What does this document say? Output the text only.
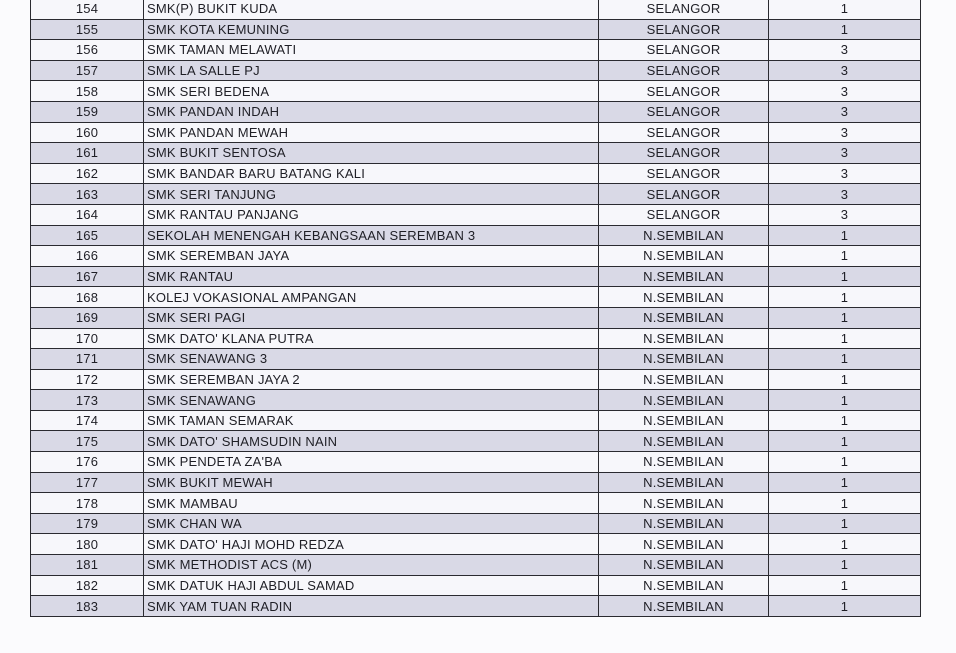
154	SMK(P) BUKIT KUDA	SELANGOR	1
155	SMK KOTA KEMUNING	SELANGOR	1
156	SMK TAMAN MELAWATI	SELANGOR	3
157	SMK LA SALLE PJ	SELANGOR	3
158	SMK SERI BEDENA	SELANGOR	3
159	SMK PANDAN INDAH	SELANGOR	3
160	SMK PANDAN MEWAH	SELANGOR	3
161	SMK BUKIT SENTOSA	SELANGOR	3
162	SMK BANDAR BARU BATANG KALI	SELANGOR	3
163	SMK SERI TANJUNG	SELANGOR	3
164	SMK RANTAU PANJANG	SELANGOR	3
165	SEKOLAH MENENGAH KEBANGSAAN SEREMBAN 3	N.SEMBILAN	1
166	SMK SEREMBAN JAYA	N.SEMBILAN	1
167	SMK RANTAU	N.SEMBILAN	1
168	KOLEJ VOKASIONAL AMPANGAN	N.SEMBILAN	1
169	SMK SERI PAGI	N.SEMBILAN	1
170	SMK DATO' KLANA PUTRA	N.SEMBILAN	1
171	SMK SENAWANG 3	N.SEMBILAN	1
172	SMK SEREMBAN JAYA 2	N.SEMBILAN	1
173	SMK SENAWANG	N.SEMBILAN	1
174	SMK TAMAN SEMARAK	N.SEMBILAN	1
175	SMK DATO' SHAMSUDIN NAIN	N.SEMBILAN	1
176	SMK PENDETA ZA'BA	N.SEMBILAN	1
177	SMK BUKIT MEWAH	N.SEMBILAN	1
178	SMK MAMBAU	N.SEMBILAN	1
179	SMK CHAN WA	N.SEMBILAN	1
180	SMK DATO' HAJI MOHD REDZA	N.SEMBILAN	1
181	SMK METHODIST ACS (M)	N.SEMBILAN	1
182	SMK DATUK HAJI ABDUL SAMAD	N.SEMBILAN	1
183	SMK YAM TUAN RADIN	N.SEMBILAN	1
